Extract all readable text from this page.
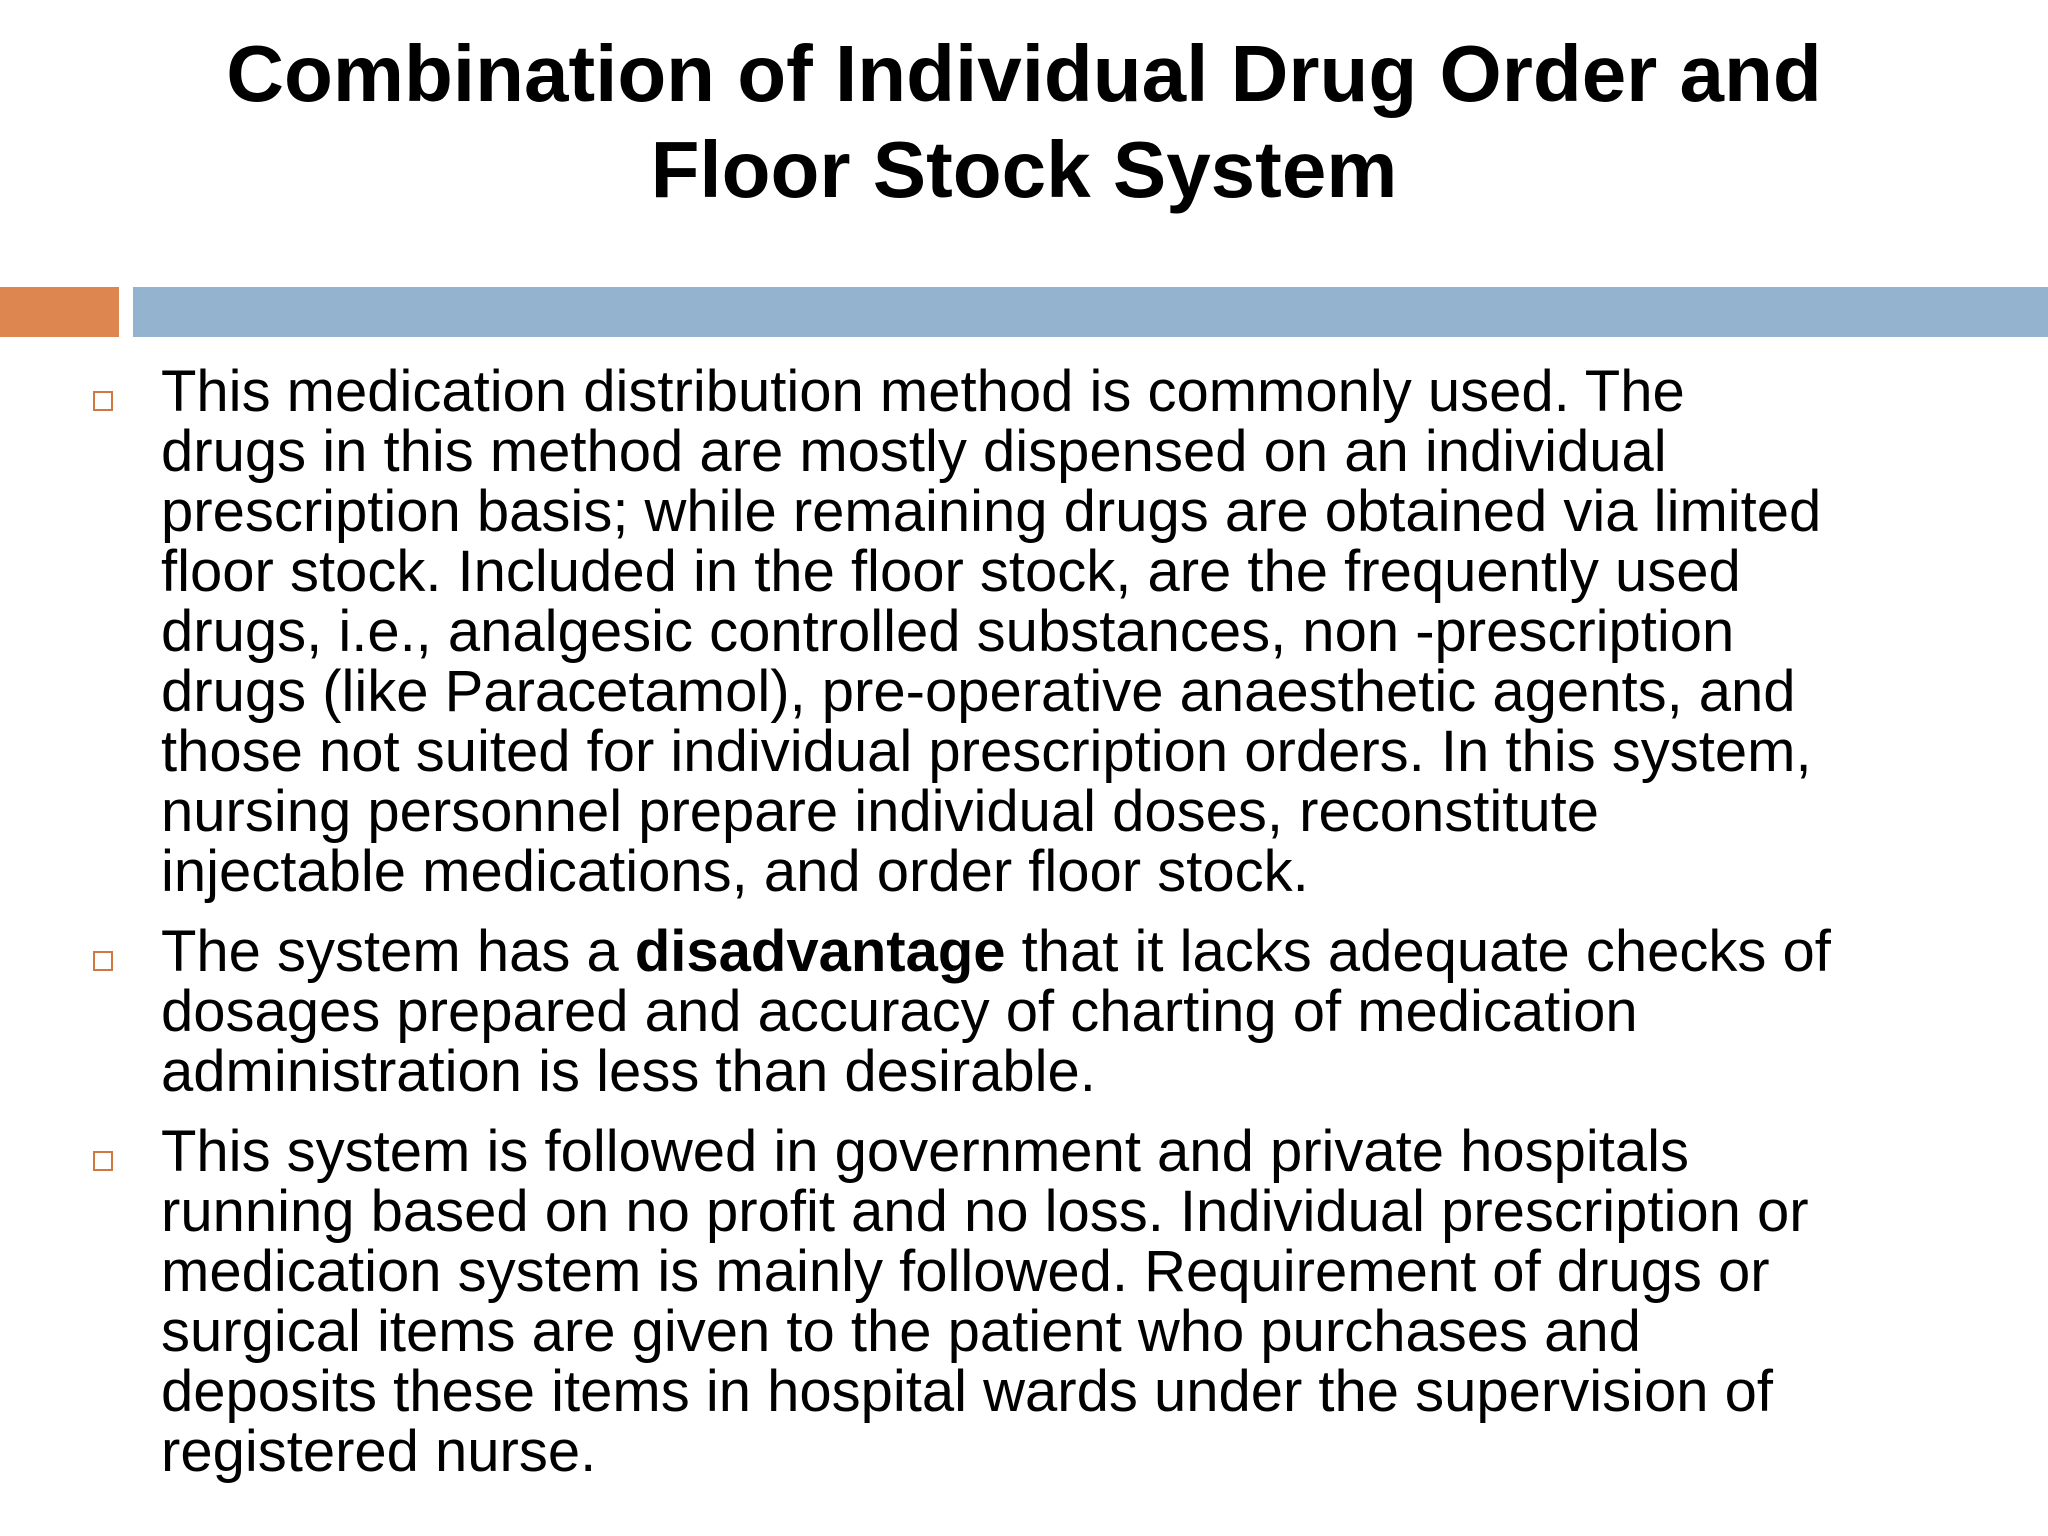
Combination of Individual Drug Order and
Floor Stock System

This medication distribution method is commonly used. The
drugs in this method are mostly dispensed on an individual
prescription basis; while remaining drugs are obtained via limited
floor stock. Included in the floor stock, are the frequently used
drugs, i.e., analgesic controlled substances, non -prescription
drugs (like Paracetamol), pre-operative anaesthetic agents, and
those not suited for individual prescription orders. In this system,
nursing personnel prepare individual doses, reconstitute
injectable medications, and order floor stock.

The system has a disadvantage that it lacks adequate checks of
dosages prepared and accuracy of charting of medication
administration is less than desirable.

This system is followed in government and private hospitals
running based on no profit and no loss. Individual prescription or
medication system is mainly followed. Requirement of drugs or
surgical items are given to the patient who purchases and
deposits these items in hospital wards under the supervision of
registered nurse.
